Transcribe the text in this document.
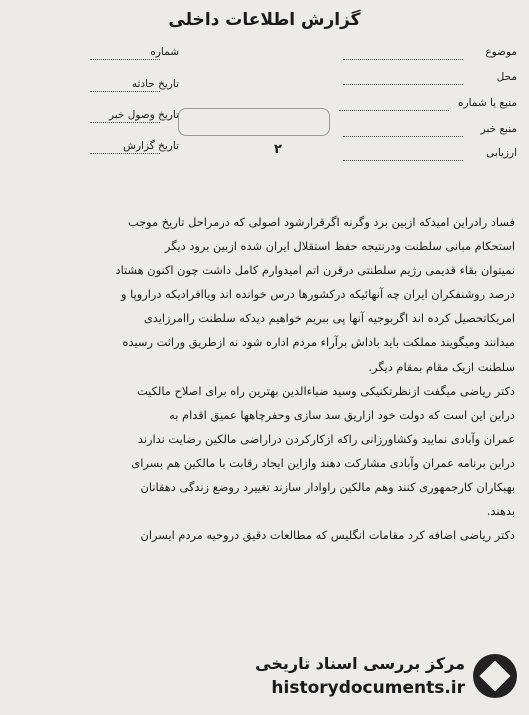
گزارش اطلاعات داخلی
موضوع
محل
منبع یا شماره
منبع خبر
ارزیابی
شماره
تاریخ حادثه
تاریخ وصول خبر
تاریخ گزارش	۲

فساد رادراین امیدکه ازبین برد وگرنه اگرقرارشود اصولی که درمراحل تاریخ موجب
استحکام مبانی سلطنت ودرنتیجه حفظ استقلال ایران شده ازبین برود دیگر
نمیتوان بقاء قدیمی رژیم سلطنتی درقرن اتم امیدوارم کامل داشت چون اکنون هشتاد
درصد روشنفکران ایران چه آنهائیکه درکشورها درس خوانده اند ویاافرادیکه دراروپا و
امریکاتحصیل کرده اند اگربوجیه آنها پی ببریم خواهیم دیدکه سلطنت راامرزایدی
میدانند ومیگویند مملکت باید باداش برآراء مردم اداره شود نه ازطریق وراثت رسیده
سلطنت ازیک مقام بمقام دیگر.

دکتر ریاضی میگفت ازنظرتکنیکی وسید ضیاءالدین بهترین راه برای اصلاح مالکیت
دراین این است که دولت خود ازاریق سد سازی وحفرچاهها عمیق اقدام به
عمران وآبادی نمایید وکشاورزانی راکه ازکارکردن دراراضی مالکین رضایت ندارند
دراین برنامه عمران وآبادی مشارکت دهند وازاین ایجاد رقابت با مالکین هم بسرای
بهبکاران کارجمهوری کنند وهم مالکین راوادار سازند تغییرد روضع زندگی دهقانان
بدهند.

دکتر ریاضی اضافه کرد مقامات انگلیس که مطالعات دقیق دروحیه مردم ایسران

مرکز بررسی اسناد تاریخی
historydocuments.ir
